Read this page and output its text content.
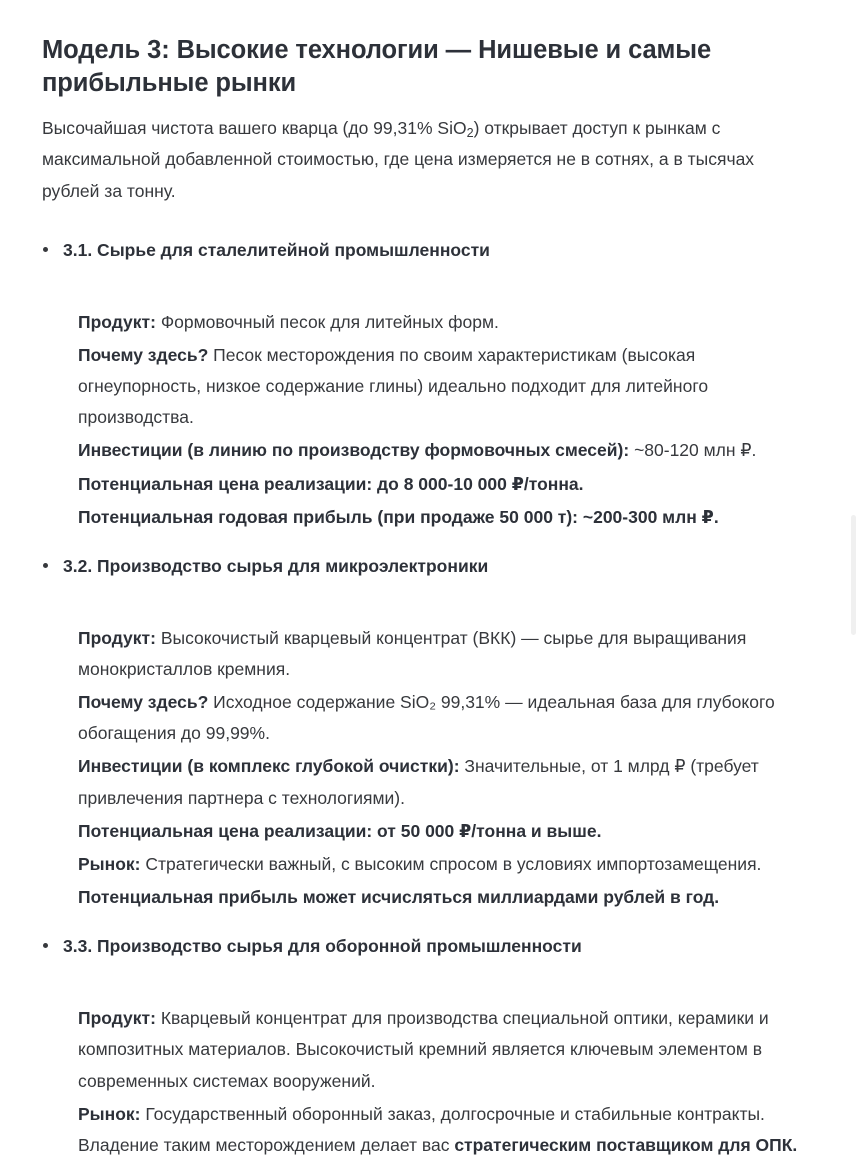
Модель 3: Высокие технологии — Нишевые и самые прибыльные рынки

Высочайшая чистота вашего кварца (до 99,31% SiO$_2$) открывает доступ к рынкам с максимальной добавленной стоимостью, где цена измеряется не в сотнях, а в тысячах рублей за тонну.

3.1. Сырье для сталелитейной промышленности

Продукт: Формовочный песок для литейных форм.

Почему здесь? Песок месторождения по своим характеристикам (высокая огнеупорность, низкое содержание глины) идеально подходит для литейного производства.

Инвестиции (в линию по производству формовочных смесей): ~80-120 млн ₽.

Потенциальная цена реализации: до 8 000-10 000 ₽/тонна.

Потенциальная годовая прибыль (при продаже 50 000 т): ~200-300 млн ₽.

3.2. Производство сырья для микроэлектроники

Продукт: Высокочистый кварцевый концентрат (ВКК) — сырье для выращивания монокристаллов кремния.

Почему здесь? Исходное содержание SiO₂ 99,31% — идеальная база для глубокого обогащения до 99,99%.

Инвестиции (в комплекс глубокой очистки): Значительные, от 1 млрд ₽ (требует привлечения партнера с технологиями).

Потенциальная цена реализации: от 50 000 ₽/тонна и выше.

Рынок: Стратегически важный, с высоким спросом в условиях импортозамещения.

Потенциальная прибыль может исчисляться миллиардами рублей в год.

3.3. Производство сырья для оборонной промышленности

Продукт: Кварцевый концентрат для производства специальной оптики, керамики и композитных материалов. Высокочистый кремний является ключевым элементом в современных системах вооружений.

Рынок: Государственный оборонный заказ, долгосрочные и стабильные контракты. Владение таким месторождением делает вас стратегическим поставщиком для ОПК.
